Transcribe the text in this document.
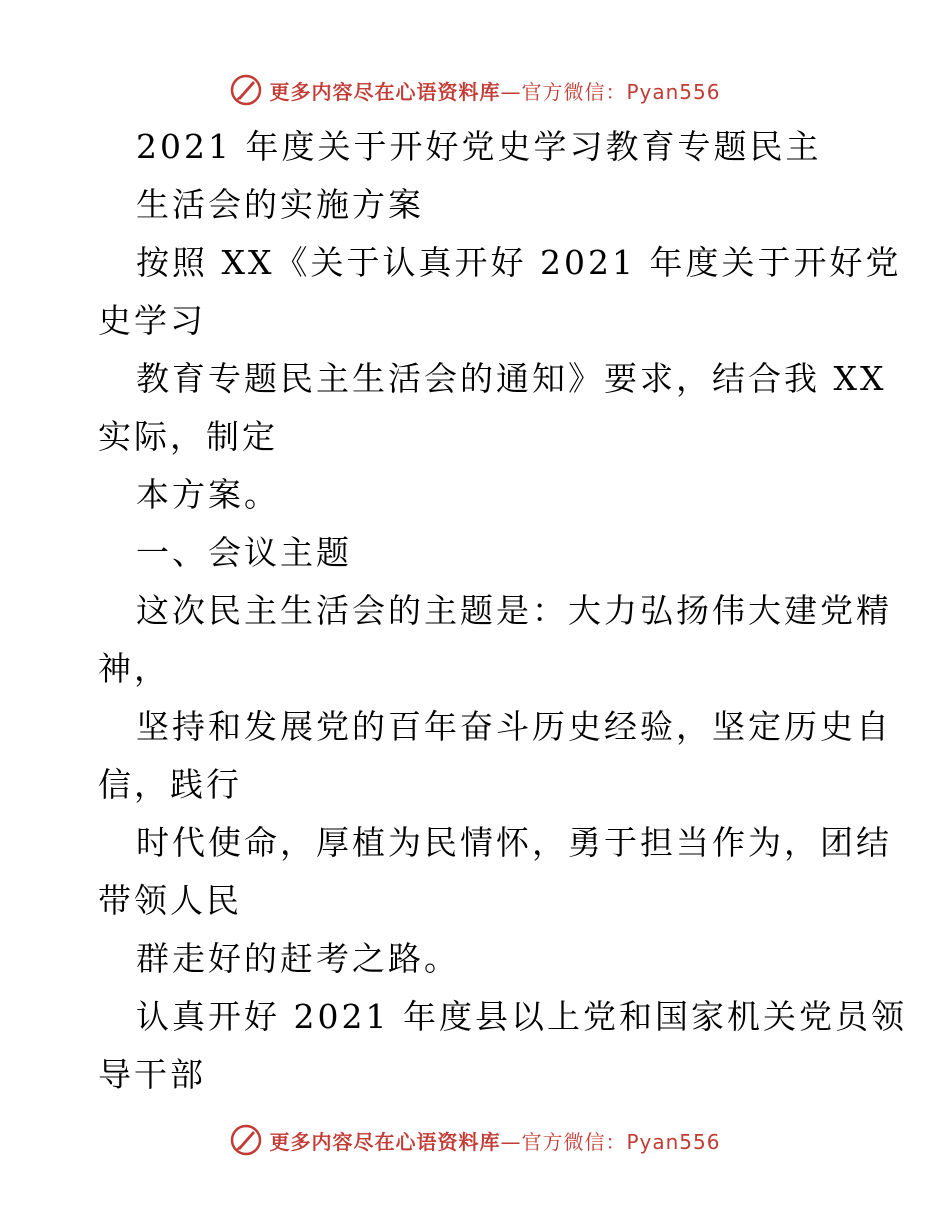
更多内容尽在心语资料库—官方微信：Pyan556
2021 年度关于开好党史学习教育专题民主
生活会的实施方案
按照 XX《关于认真开好 2021 年度关于开好党
史学习
教育专题民主生活会的通知》要求，结合我 XX
实际，制定
本方案。
一、会议主题
这次民主生活会的主题是：大力弘扬伟大建党精
神，
坚持和发展党的百年奋斗历史经验，坚定历史自
信，践行
时代使命，厚植为民情怀，勇于担当作为，团结
带领人民
群走好的赶考之路。
认真开好 2021 年度县以上党和国家机关党员领
导干部
更多内容尽在心语资料库—官方微信：Pyan556
